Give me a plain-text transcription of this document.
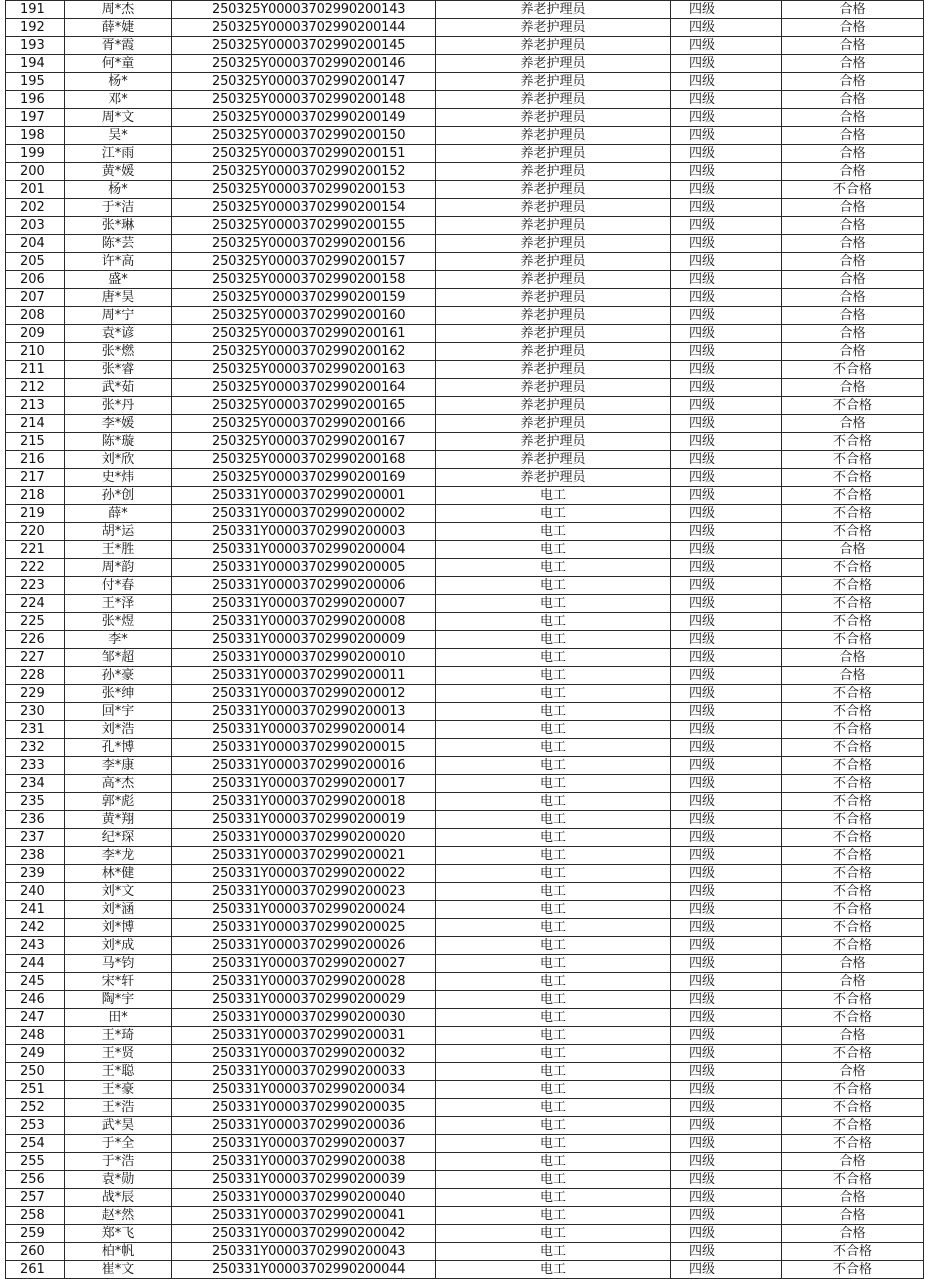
191	周*杰	250325Y00003702990200143	养老护理员	四级	合格
192	薛*婕	250325Y00003702990200144	养老护理员	四级	合格
193	胥*霞	250325Y00003702990200145	养老护理员	四级	合格
194	何*童	250325Y00003702990200146	养老护理员	四级	合格
195	杨*	250325Y00003702990200147	养老护理员	四级	合格
196	邓*	250325Y00003702990200148	养老护理员	四级	合格
197	周*文	250325Y00003702990200149	养老护理员	四级	合格
198	吴*	250325Y00003702990200150	养老护理员	四级	合格
199	江*雨	250325Y00003702990200151	养老护理员	四级	合格
200	黄*媛	250325Y00003702990200152	养老护理员	四级	合格
201	杨*	250325Y00003702990200153	养老护理员	四级	不合格
202	于*洁	250325Y00003702990200154	养老护理员	四级	合格
203	张*琳	250325Y00003702990200155	养老护理员	四级	合格
204	陈*芸	250325Y00003702990200156	养老护理员	四级	合格
205	许*高	250325Y00003702990200157	养老护理员	四级	合格
206	盛*	250325Y00003702990200158	养老护理员	四级	合格
207	唐*昊	250325Y00003702990200159	养老护理员	四级	合格
208	周*宁	250325Y00003702990200160	养老护理员	四级	合格
209	袁*谚	250325Y00003702990200161	养老护理员	四级	合格
210	张*燃	250325Y00003702990200162	养老护理员	四级	合格
211	张*睿	250325Y00003702990200163	养老护理员	四级	不合格
212	武*茹	250325Y00003702990200164	养老护理员	四级	合格
213	张*丹	250325Y00003702990200165	养老护理员	四级	不合格
214	李*媛	250325Y00003702990200166	养老护理员	四级	合格
215	陈*璇	250325Y00003702990200167	养老护理员	四级	不合格
216	刘*欣	250325Y00003702990200168	养老护理员	四级	不合格
217	史*炜	250325Y00003702990200169	养老护理员	四级	不合格
218	孙*创	250331Y00003702990200001	电工	四级	不合格
219	薛*	250331Y00003702990200002	电工	四级	不合格
220	胡*运	250331Y00003702990200003	电工	四级	不合格
221	王*胜	250331Y00003702990200004	电工	四级	合格
222	周*韵	250331Y00003702990200005	电工	四级	不合格
223	付*春	250331Y00003702990200006	电工	四级	不合格
224	王*泽	250331Y00003702990200007	电工	四级	不合格
225	张*煜	250331Y00003702990200008	电工	四级	不合格
226	李*	250331Y00003702990200009	电工	四级	不合格
227	邹*超	250331Y00003702990200010	电工	四级	合格
228	孙*豪	250331Y00003702990200011	电工	四级	合格
229	张*绅	250331Y00003702990200012	电工	四级	不合格
230	回*宇	250331Y00003702990200013	电工	四级	不合格
231	刘*浩	250331Y00003702990200014	电工	四级	不合格
232	孔*博	250331Y00003702990200015	电工	四级	不合格
233	李*康	250331Y00003702990200016	电工	四级	不合格
234	高*杰	250331Y00003702990200017	电工	四级	不合格
235	郭*彪	250331Y00003702990200018	电工	四级	不合格
236	黄*翔	250331Y00003702990200019	电工	四级	不合格
237	纪*琛	250331Y00003702990200020	电工	四级	不合格
238	李*龙	250331Y00003702990200021	电工	四级	不合格
239	林*健	250331Y00003702990200022	电工	四级	不合格
240	刘*文	250331Y00003702990200023	电工	四级	不合格
241	刘*涵	250331Y00003702990200024	电工	四级	不合格
242	刘*博	250331Y00003702990200025	电工	四级	不合格
243	刘*成	250331Y00003702990200026	电工	四级	不合格
244	马*钧	250331Y00003702990200027	电工	四级	合格
245	宋*轩	250331Y00003702990200028	电工	四级	合格
246	陶*宇	250331Y00003702990200029	电工	四级	不合格
247	田*	250331Y00003702990200030	电工	四级	不合格
248	王*琦	250331Y00003702990200031	电工	四级	合格
249	王*贤	250331Y00003702990200032	电工	四级	不合格
250	王*聪	250331Y00003702990200033	电工	四级	合格
251	王*豪	250331Y00003702990200034	电工	四级	不合格
252	王*浩	250331Y00003702990200035	电工	四级	不合格
253	武*昊	250331Y00003702990200036	电工	四级	不合格
254	于*全	250331Y00003702990200037	电工	四级	不合格
255	于*浩	250331Y00003702990200038	电工	四级	合格
256	袁*勋	250331Y00003702990200039	电工	四级	不合格
257	战*辰	250331Y00003702990200040	电工	四级	合格
258	赵*然	250331Y00003702990200041	电工	四级	合格
259	郑*飞	250331Y00003702990200042	电工	四级	合格
260	柏*帆	250331Y00003702990200043	电工	四级	不合格
261	崔*文	250331Y00003702990200044	电工	四级	不合格
